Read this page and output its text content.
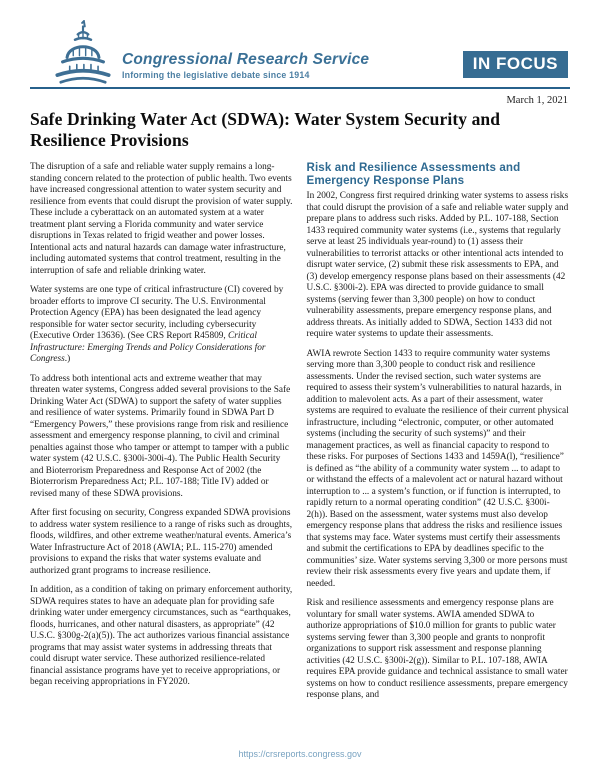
Congressional Research Service
Informing the legislative debate since 1914
IN FOCUS
March 1, 2021
Safe Drinking Water Act (SDWA): Water System Security and Resilience Provisions

The disruption of a safe and reliable water supply remains a long-standing concern related to the protection of public health. Two events have increased congressional attention to water system security and resilience from events that could disrupt the provision of water supply. These include a cyberattack on an automated system at a water treatment plant serving a Florida community and water service disruptions in Texas related to frigid weather and power losses. Intentional acts and natural hazards can damage water infrastructure, including automated systems that control treatment, resulting in the interruption of safe and reliable drinking water.

Water systems are one type of critical infrastructure (CI) covered by broader efforts to improve CI security. The U.S. Environmental Protection Agency (EPA) has been designated the lead agency responsible for water sector security, including cybersecurity (Executive Order 13636). (See CRS Report R45809, Critical Infrastructure: Emerging Trends and Policy Considerations for Congress.)

To address both intentional acts and extreme weather that may threaten water systems, Congress added several provisions to the Safe Drinking Water Act (SDWA) to support the safety of water supplies and resilience of water systems. Primarily found in SDWA Part D “Emergency Powers,” these provisions range from risk and resilience assessment and emergency response planning, to civil and criminal penalties against those who tamper or attempt to tamper with a public water system (42 U.S.C. §300i-300i-4). The Public Health Security and Bioterrorism Preparedness and Response Act of 2002 (the Bioterrorism Preparedness Act; P.L. 107-188; Title IV) added or revised many of these SDWA provisions.

After first focusing on security, Congress expanded SDWA provisions to address water system resilience to a range of risks such as droughts, floods, wildfires, and other extreme weather/natural events. America’s Water Infrastructure Act of 2018 (AWIA; P.L. 115-270) amended provisions to expand the risks that water systems evaluate and authorized grant programs to increase resilience.

In addition, as a condition of taking on primary enforcement authority, SDWA requires states to have an adequate plan for providing safe drinking water under emergency circumstances, such as “earthquakes, floods, hurricanes, and other natural disasters, as appropriate” (42 U.S.C. §300g-2(a)(5)). The act authorizes various financial assistance programs that may assist water systems in addressing threats that could disrupt water service. These authorized resilience-related financial assistance programs have yet to receive appropriations, or began receiving appropriations in FY2020.

Risk and Resilience Assessments and Emergency Response Plans

In 2002, Congress first required drinking water systems to assess risks that could disrupt the provision of a safe and reliable water supply and prepare plans to address such risks. Added by P.L. 107-188, Section 1433 required community water systems (i.e., systems that regularly serve at least 25 individuals year-round) to (1) assess their vulnerabilities to terrorist attacks or other intentional acts intended to disrupt water service, (2) submit these risk assessments to EPA, and (3) develop emergency response plans based on their assessments (42 U.S.C. §300i-2). EPA was directed to provide guidance to small systems (serving fewer than 3,300 people) on how to conduct vulnerability assessments, prepare emergency response plans, and address threats. As initially added to SDWA, Section 1433 did not require water systems to update their assessments.

AWIA rewrote Section 1433 to require community water systems serving more than 3,300 people to conduct risk and resilience assessments. Under the revised section, such water systems are required to assess their system’s vulnerabilities to natural hazards, in addition to malevolent acts. As a part of their assessment, water systems are required to evaluate the resilience of their current physical infrastructure, including “electronic, computer, or other automated systems (including the security of such systems)” and their management practices, as well as financial capacity to respond to these risks. For purposes of Sections 1433 and 1459A(l), “resilience” is defined as “the ability of a community water system ... to adapt to or withstand the effects of a malevolent act or natural hazard without interruption to ... a system’s function, or if function is interrupted, to rapidly return to a normal operating condition” (42 U.S.C. §300i-2(h)). Based on the assessment, water systems must also develop emergency response plans that address the risks and resilience issues that systems may face. Water systems must certify their assessments and submit the certifications to EPA by deadlines specific to the communities’ size. Water systems serving 3,300 or more persons must review their risk assessments every five years and update them, if needed.

Risk and resilience assessments and emergency response plans are voluntary for small water systems. AWIA amended SDWA to authorize appropriations of $10.0 million for grants to public water systems serving fewer than 3,300 people and grants to nonprofit organizations to support risk assessment and response planning activities (42 U.S.C. §300i-2(g)). Similar to P.L. 107-188, AWIA requires EPA provide guidance and technical assistance to small water systems on how to conduct resilience assessments, prepare emergency response plans, and

https://crsreports.congress.gov
